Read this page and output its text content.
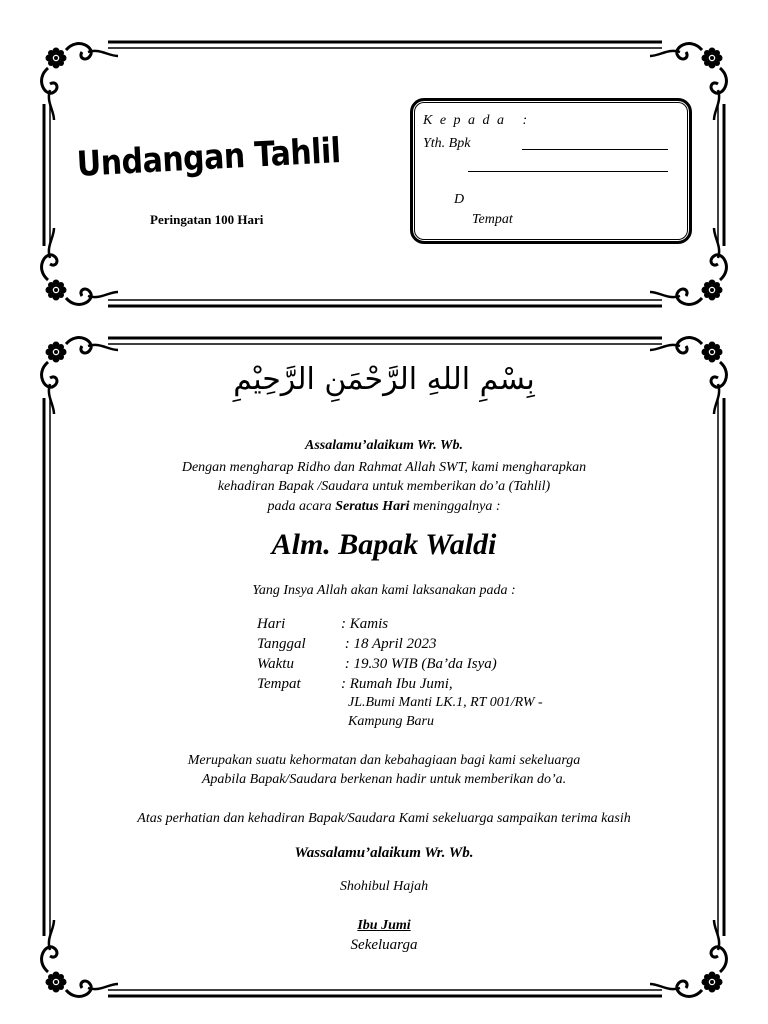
Undangan Tahlil
Peringatan 100 Hari
K e p a d a   :
Yth. Bpk
D
Tempat
بِسْمِ اللهِ الرَّحْمَنِ الرَّحِيْمِ
Assalamu’alaikum Wr. Wb.
Dengan mengharap Ridho dan Rahmat Allah SWT, kami mengharapkan
kehadiran Bapak /Saudara untuk memberikan do’a (Tahlil)
pada acara Seratus Hari meninggalnya :
Alm. Bapak Waldi
Yang Insya Allah akan kami laksanakan pada :
Hari	: Kamis
Tanggal : 18 April 2023
Waktu	: 19.30 WIB (Ba’da Isya)
Tempat	: Rumah Ibu Jumi,
JL.Bumi Manti LK.1, RT 001/RW -
Kampung Baru
Merupakan suatu kehormatan dan kebahagiaan bagi kami sekeluarga
Apabila Bapak/Saudara berkenan hadir untuk memberikan do’a.
Atas perhatian dan kehadiran Bapak/Saudara Kami sekeluarga sampaikan terima kasih
Wassalamu’alaikum Wr. Wb.
Shohibul Hajah
Ibu Jumi
Sekeluarga
